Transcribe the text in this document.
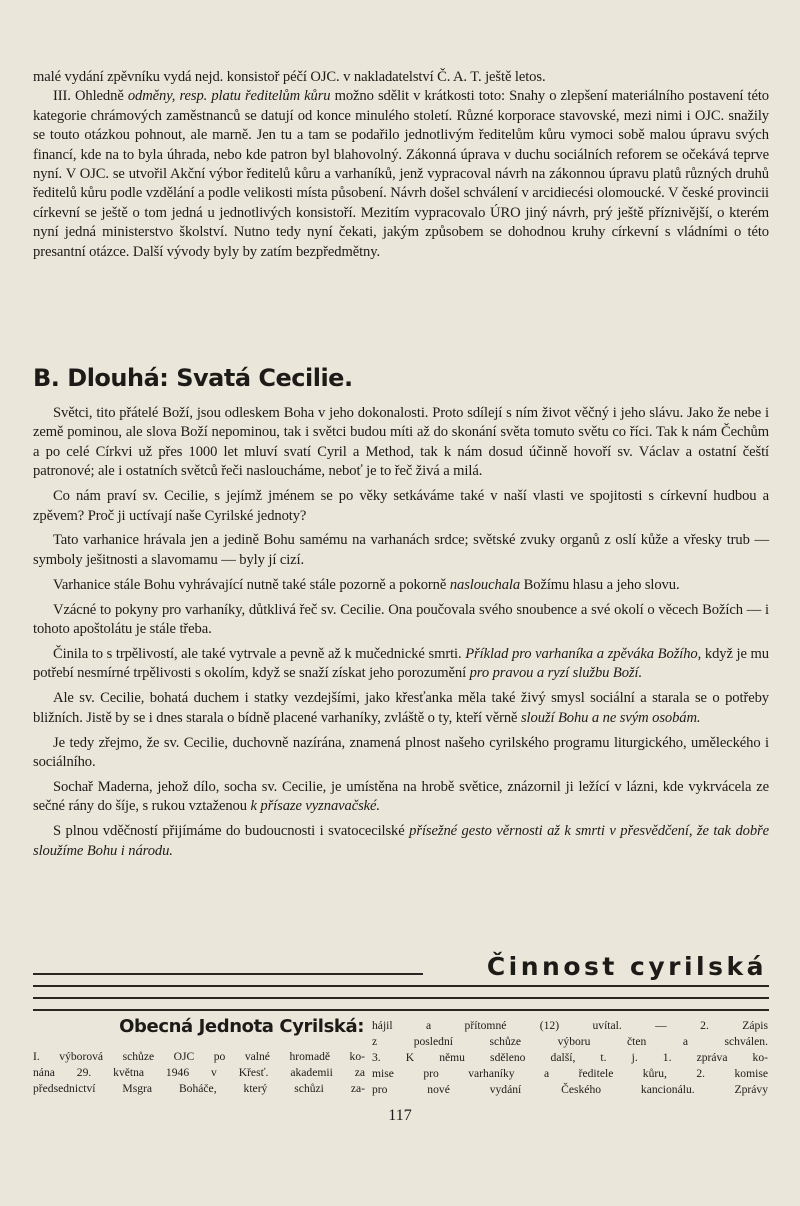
malé vydání zpěvníku vydá nejd. konsistoř péčí OJC. v nakladatelství Č. A. T. ještě letos.

III. Ohledně odměny, resp. platu ředitelům kůru možno sdělit v krátkosti toto: Snahy o zlepšení materiálního postavení této kategorie chrámových zaměstnanců se datují od konce minulého století. Různé korporace stavovské, mezi nimi i OJC. snažily se touto otázkou pohnout, ale marně. Jen tu a tam se podařilo jednotlivým ředitelům kůru vymoci sobě malou úpravu svých financí, kde na to byla úhrada, nebo kde patron byl blahovolný. Zákonná úprava v duchu sociálních reforem se očekává teprve nyní. V OJC. se utvořil Akční výbor ředitelů kůru a varhaníků, jenž vypracoval návrh na zákonnou úpravu platů různých druhů ředitelů kůru podle vzdělání a podle velikosti místa působení. Návrh došel schválení v arcidiecési olomoucké. V české provincii církevní se ještě o tom jedná u jednotlivých konsistoří. Mezitím vypracovalo ÚRO jiný návrh, prý ještě příznivější, o kterém nyní jedná ministerstvo školství. Nutno tedy nyní čekati, jakým způsobem se dohodnou kruhy církevní s vládními o této presantní otázce. Další vývody byly by zatím bezpředmětny.

B. Dlouhá: Svatá Cecilie.

Světci, tito přátelé Boží, jsou odleskem Boha v jeho dokonalosti. Proto sdílejí s ním život věčný i jeho slávu. Jako že nebe i země pominou, ale slova Boží nepominou, tak i světci budou míti až do skonání světa tomuto světu co říci. Tak k nám Čechům a po celé Církvi už přes 1000 let mluví svatí Cyril a Method, tak k nám dosud účinně hovoří sv. Václav a ostatní čeští patronové; ale i ostatních světců řeči nasloucháme, neboť je to řeč živá a milá.

Co nám praví sv. Cecilie, s jejímž jménem se po věky setkáváme také v naší vlasti ve spojitosti s církevní hudbou a zpěvem? Proč ji uctívají naše Cyrilské jednoty?

Tato varhanice hrávala jen a jedině Bohu samému na varhanách srdce; světské zvuky organů z oslí kůže a vřesky trub — symboly ješitnosti a slavomamu — byly jí cizí.

Varhanice stále Bohu vyhrávající nutně také stále pozorně a pokorně naslouchala Božímu hlasu a jeho slovu.

Vzácné to pokyny pro varhaníky, důtklivá řeč sv. Cecilie. Ona poučovala svého snoubence a své okolí o věcech Božích — i tohoto apoštolátu je stále třeba.

Činila to s trpělivostí, ale také vytrvale a pevně až k mučednické smrti. Příklad pro varhaníka a zpěváka Božího, když je mu potřebí nesmírné trpělivosti s okolím, když se snaží získat jeho porozumění pro pravou a ryzí službu Boží.

Ale sv. Cecilie, bohatá duchem i statky vezdejšími, jako křesťanka měla také živý smysl sociální a starala se o potřeby bližních. Jistě by se i dnes starala o bídně placené varhaníky, zvláště o ty, kteří věrně slouží Bohu a ne svým osobám.

Je tedy zřejmo, že sv. Cecilie, duchovně nazírána, znamená plnost našeho cyrilského programu liturgického, uměleckého i sociálního.

Sochař Maderna, jehož dílo, socha sv. Cecilie, je umístěna na hrobě světice, znázornil ji ležící v lázni, kde vykrvácela ze sečné rány do šíje, s rukou vztaženou k přísaze vyznavačské.

S plnou vděčností přijímáme do budoucnosti i svatocecilské přísežné gesto věrnosti až k smrti v přesvědčení, že tak dobře sloužíme Bohu i národu.

Činnost cyrilská
Obecná Jednota Cyrilská:
I. výborová schůze OJC po valné hromadě ko-
nána 29. května 1946 v Křesť. akademii za
předsednictví Msgra Boháče, který schůzi za-
hájil a přítomné (12) uvítal. — 2. Zápis
z poslední schůze výboru čten a schválen.
3. K němu sděleno další, t. j. 1. zpráva ko-
mise pro varhaníky a ředitele kůru, 2. komise
pro nové vydání Českého kancionálu. Zprávy
117
